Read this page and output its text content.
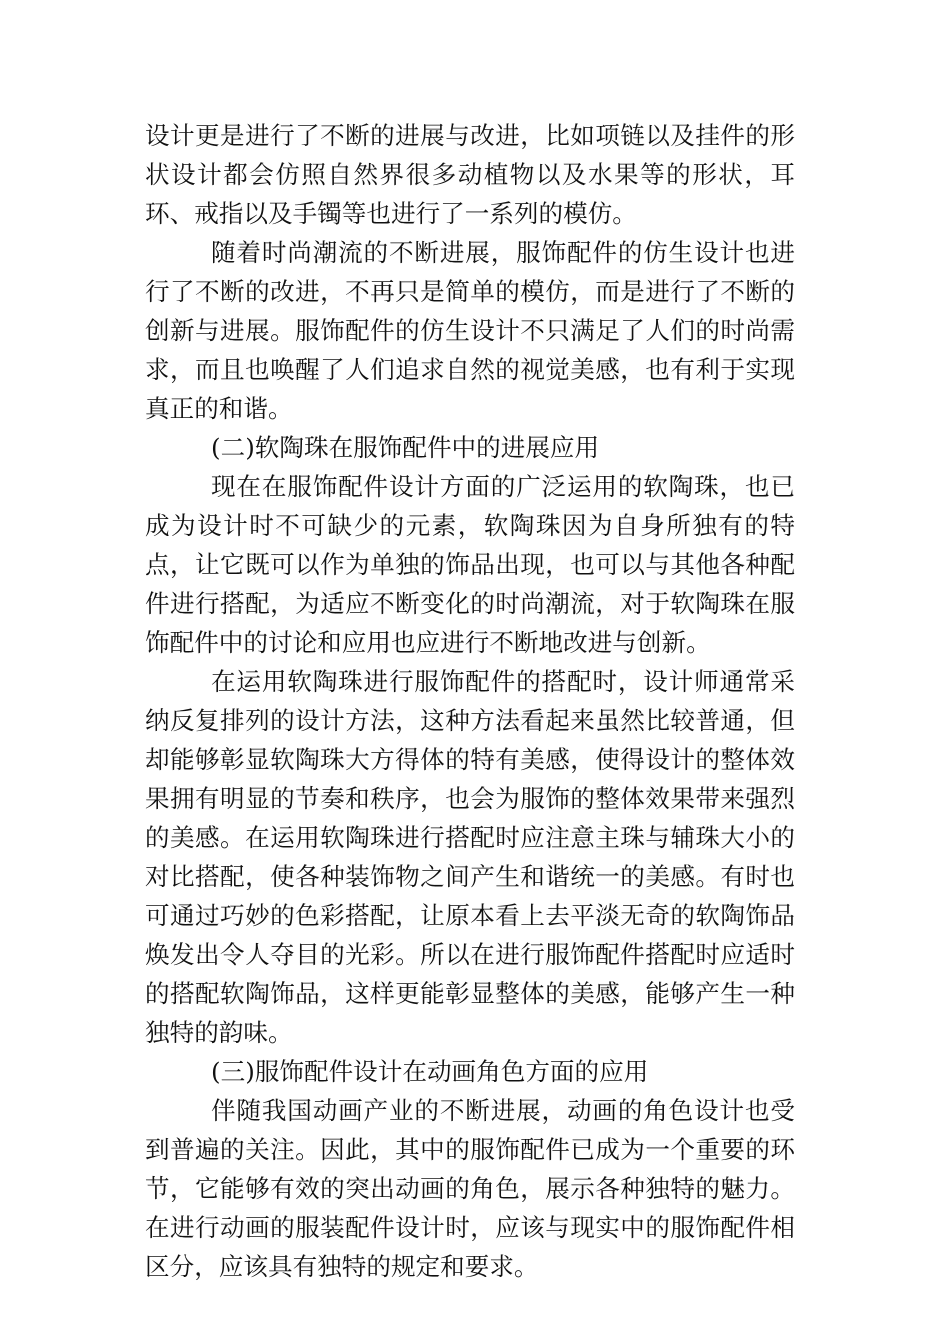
设计更是进行了不断的进展与改进，比如项链以及挂件的形状设计都会仿照自然界很多动植物以及水果等的形状，耳环、戒指以及手镯等也进行了一系列的模仿。

随着时尚潮流的不断进展，服饰配件的仿生设计也进行了不断的改进，不再只是简单的模仿，而是进行了不断的创新与进展。服饰配件的仿生设计不只满足了人们的时尚需求，而且也唤醒了人们追求自然的视觉美感，也有利于实现真正的和谐。

(二)软陶珠在服饰配件中的进展应用

现在在服饰配件设计方面的广泛运用的软陶珠，也已成为设计时不可缺少的元素，软陶珠因为自身所独有的特点，让它既可以作为单独的饰品出现，也可以与其他各种配件进行搭配，为适应不断变化的时尚潮流，对于软陶珠在服饰配件中的讨论和应用也应进行不断地改进与创新。

在运用软陶珠进行服饰配件的搭配时，设计师通常采纳反复排列的设计方法，这种方法看起来虽然比较普通，但却能够彰显软陶珠大方得体的特有美感，使得设计的整体效果拥有明显的节奏和秩序，也会为服饰的整体效果带来强烈的美感。在运用软陶珠进行搭配时应注意主珠与辅珠大小的对比搭配，使各种装饰物之间产生和谐统一的美感。有时也可通过巧妙的色彩搭配，让原本看上去平淡无奇的软陶饰品焕发出令人夺目的光彩。所以在进行服饰配件搭配时应适时的搭配软陶饰品，这样更能彰显整体的美感，能够产生一种独特的韵味。

(三)服饰配件设计在动画角色方面的应用

伴随我国动画产业的不断进展，动画的角色设计也受到普遍的关注。因此，其中的服饰配件已成为一个重要的环节，它能够有效的突出动画的角色，展示各种独特的魅力。在进行动画的服装配件设计时，应该与现实中的服饰配件相区分，应该具有独特的规定和要求。
